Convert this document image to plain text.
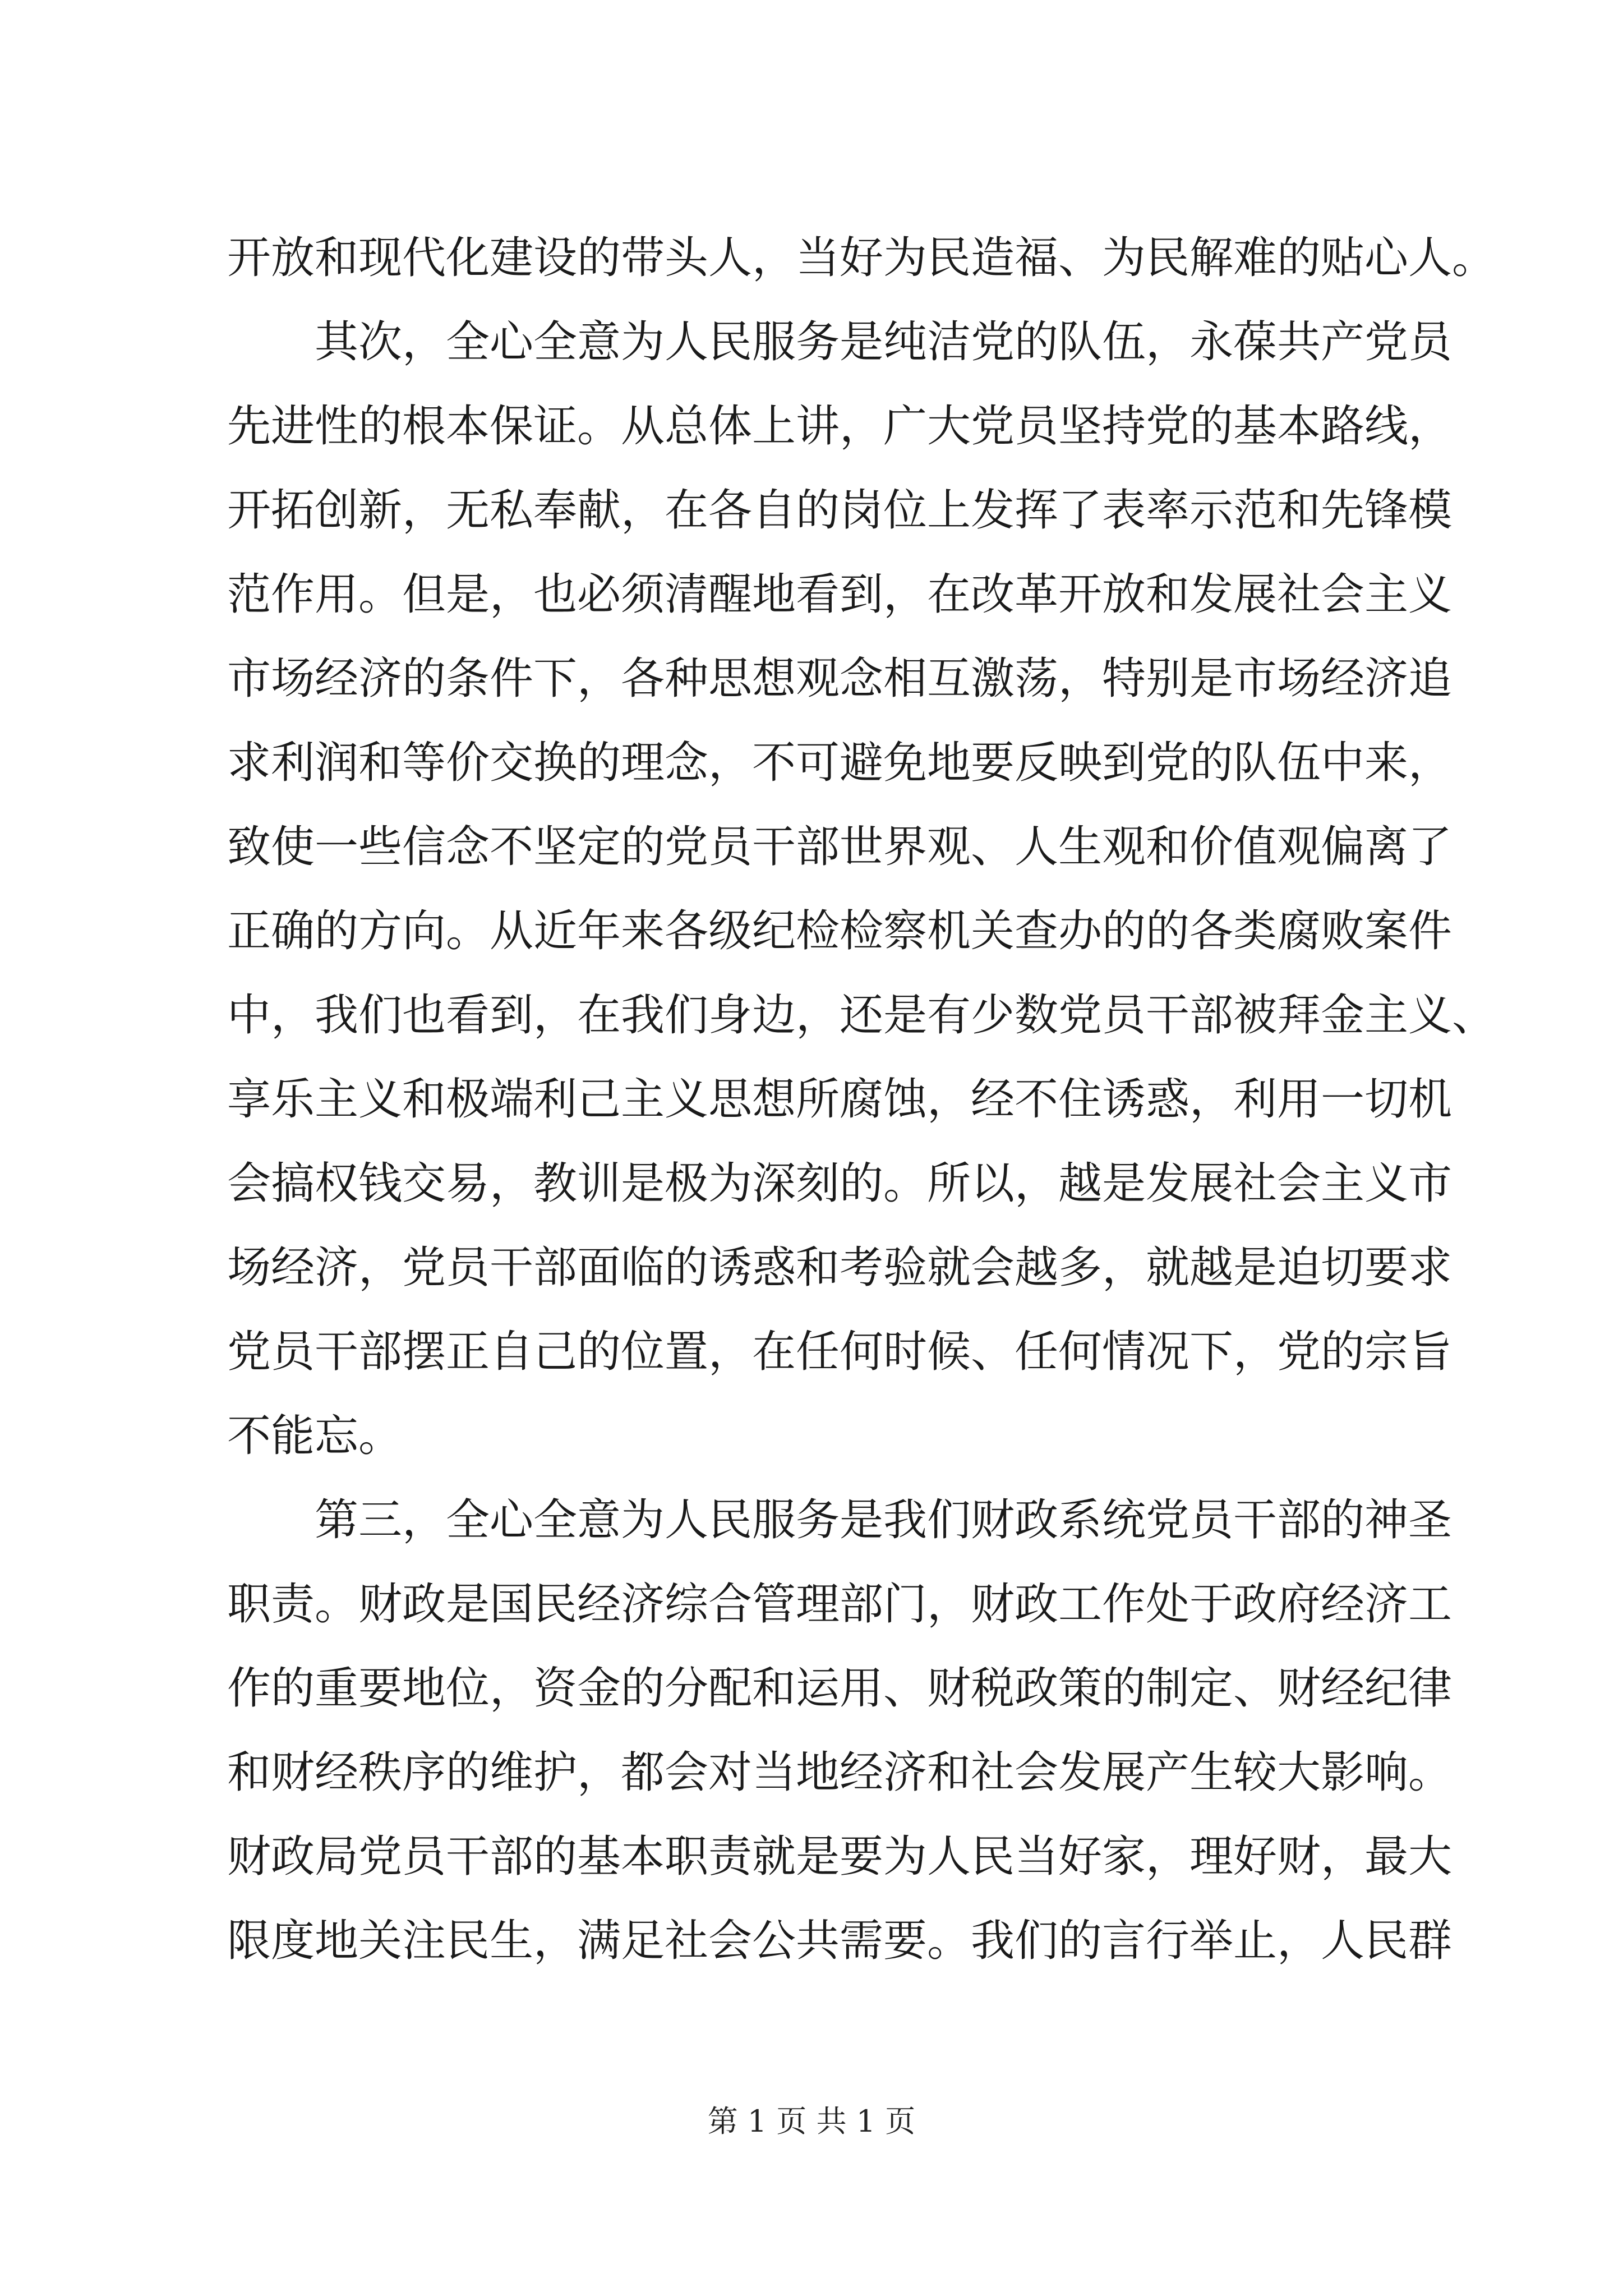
开放和现代化建设的带头人，当好为民造福、为民解难的贴心人。
其次，全心全意为人民服务是纯洁党的队伍，永葆共产党员
先进性的根本保证。从总体上讲，广大党员坚持党的基本路线，
开拓创新，无私奉献，在各自的岗位上发挥了表率示范和先锋模
范作用。但是，也必须清醒地看到，在改革开放和发展社会主义
市场经济的条件下，各种思想观念相互激荡，特别是市场经济追
求利润和等价交换的理念，不可避免地要反映到党的队伍中来，
致使一些信念不坚定的党员干部世界观、人生观和价值观偏离了
正确的方向。从近年来各级纪检检察机关查办的的各类腐败案件
中，我们也看到，在我们身边，还是有少数党员干部被拜金主义、
享乐主义和极端利己主义思想所腐蚀，经不住诱惑，利用一切机
会搞权钱交易，教训是极为深刻的。所以，越是发展社会主义市
场经济，党员干部面临的诱惑和考验就会越多，就越是迫切要求
党员干部摆正自己的位置，在任何时候、任何情况下，党的宗旨
不能忘。
第三，全心全意为人民服务是我们财政系统党员干部的神圣
职责。财政是国民经济综合管理部门，财政工作处于政府经济工
作的重要地位，资金的分配和运用、财税政策的制定、财经纪律
和财经秩序的维护，都会对当地经济和社会发展产生较大影响。
财政局党员干部的基本职责就是要为人民当好家，理好财，最大
限度地关注民生，满足社会公共需要。我们的言行举止，人民群
第 1 页 共 1 页
